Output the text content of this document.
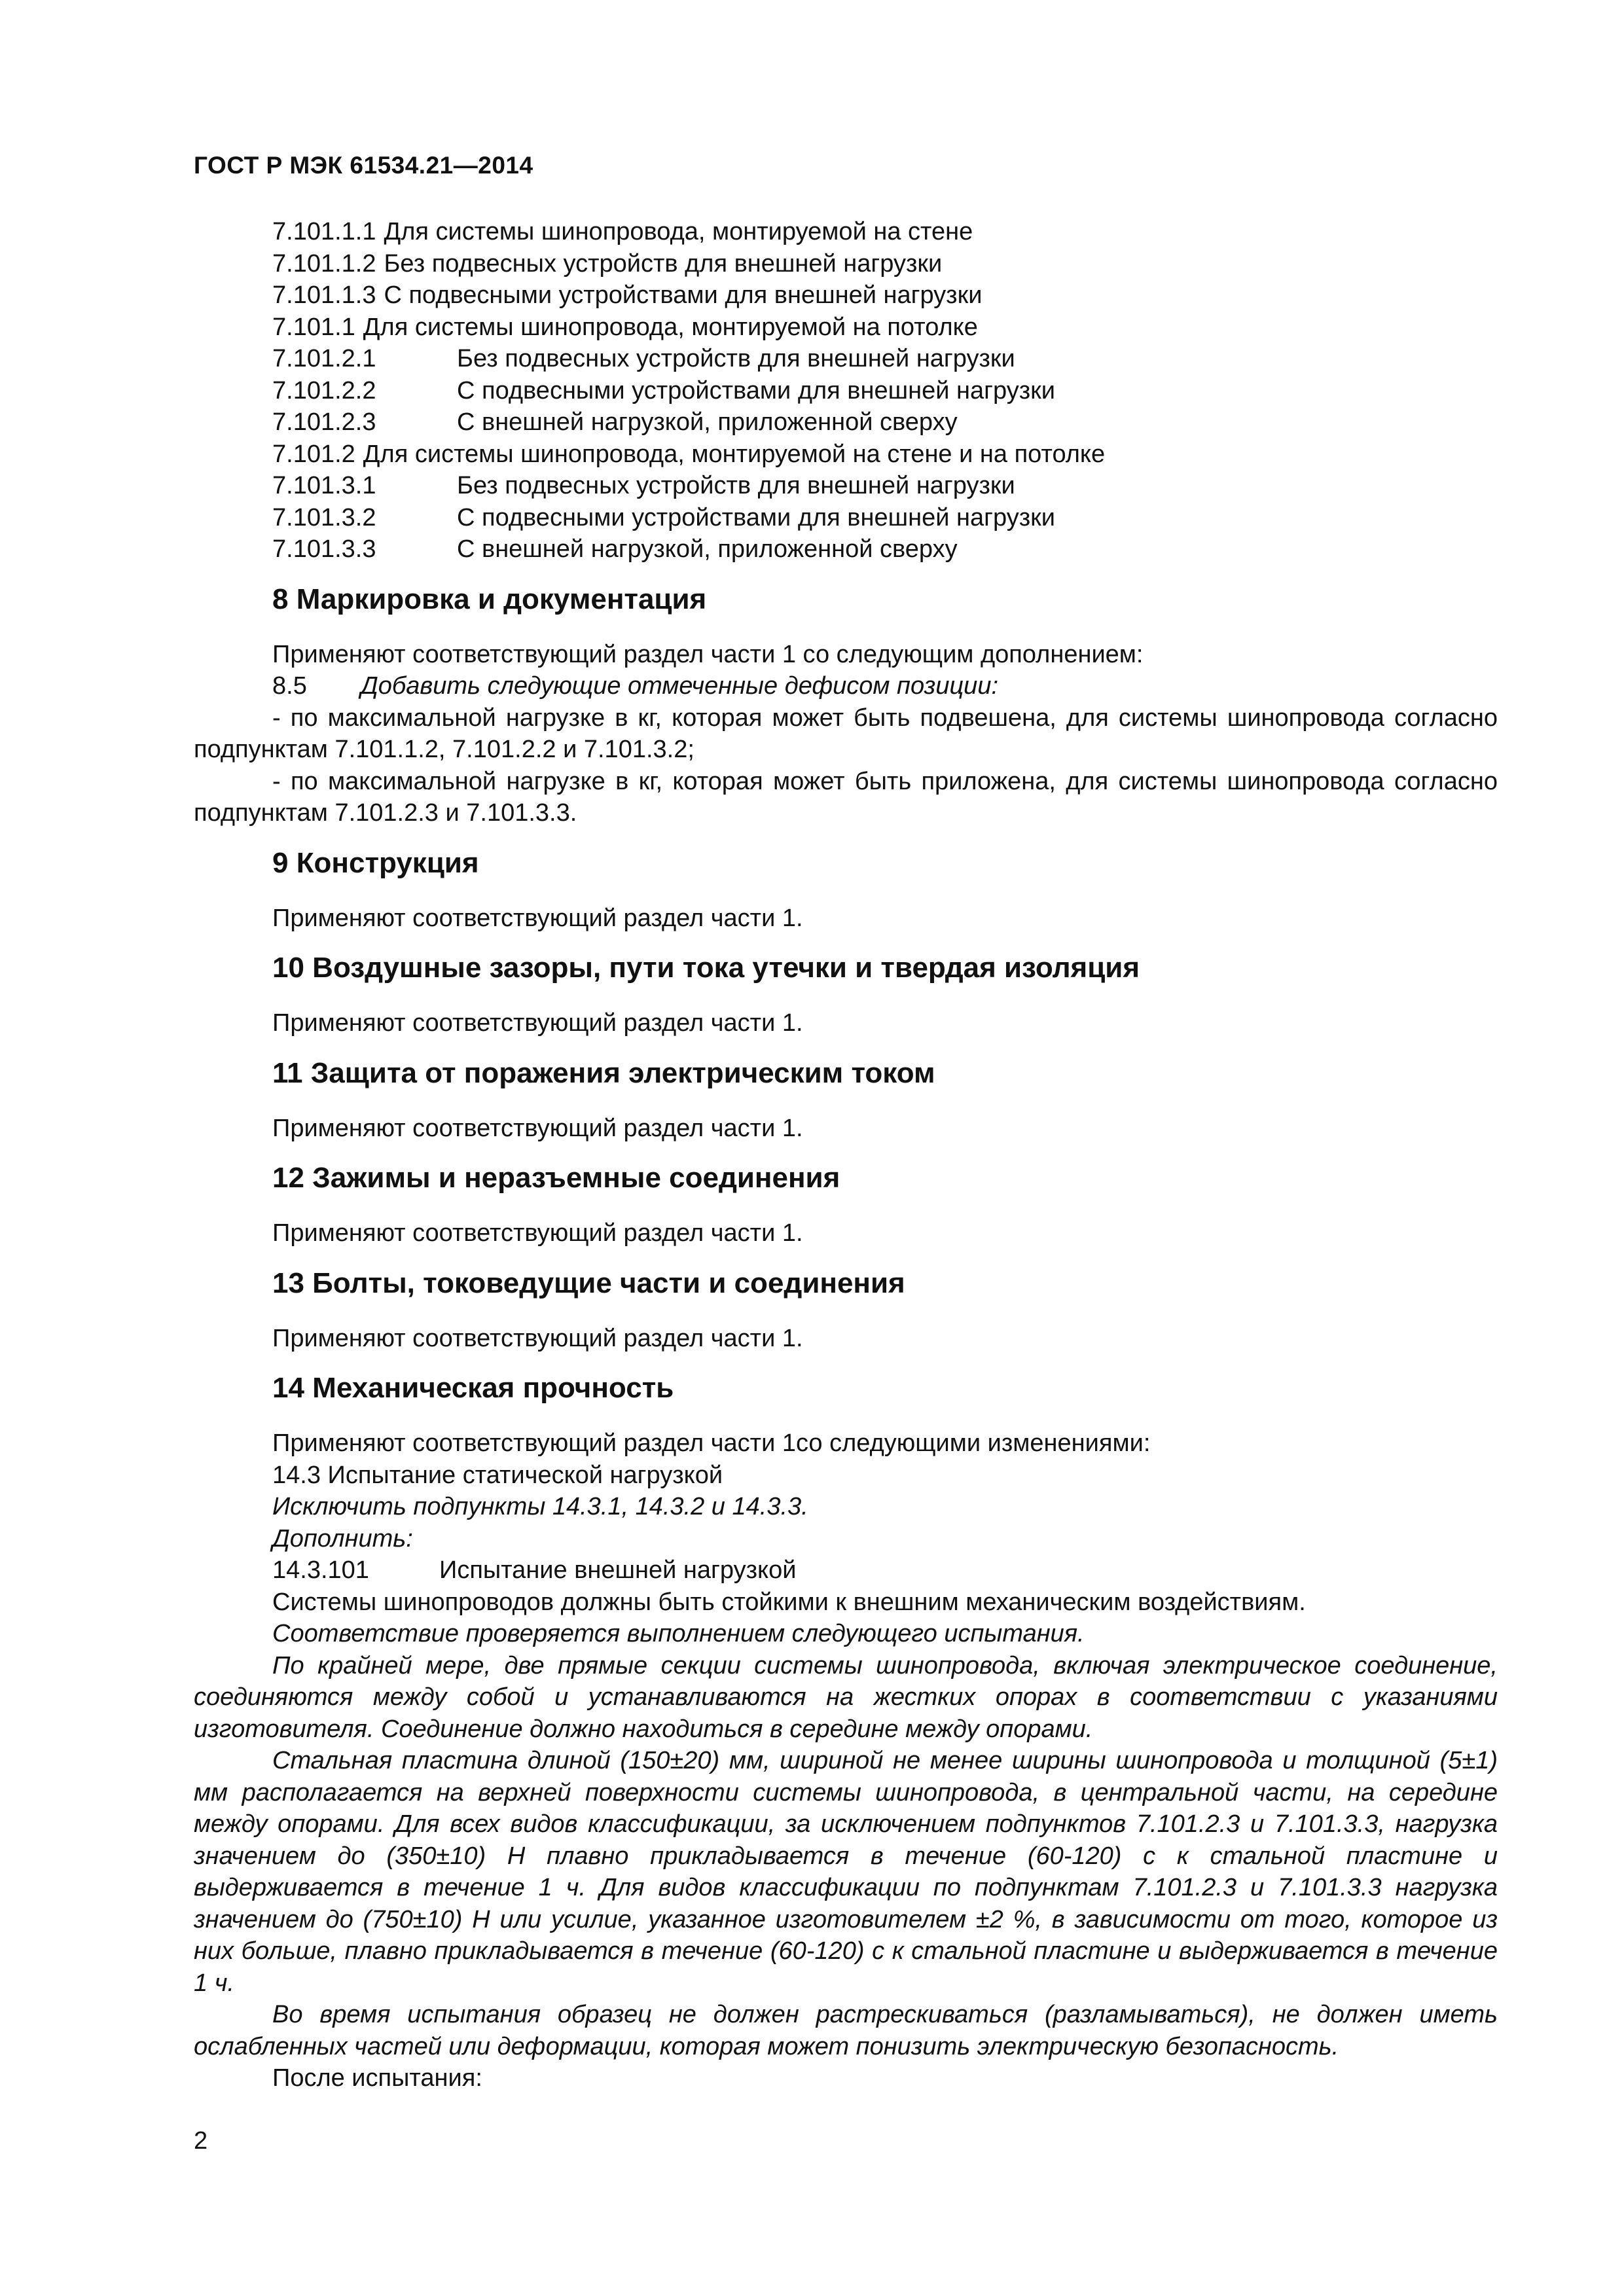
ГОСТ Р МЭК 61534.21—2014
7.101.1.1 Для системы шинопровода, монтируемой на стене
7.101.1.2 Без подвесных устройств для внешней нагрузки
7.101.1.3 С подвесными устройствами для внешней нагрузки
7.101.1 Для системы шинопровода, монтируемой на потолке
7.101.2.1	Без подвесных устройств для внешней нагрузки
7.101.2.2	С подвесными устройствами для внешней нагрузки
7.101.2.3	С внешней нагрузкой, приложенной сверху
7.101.2 Для системы шинопровода, монтируемой на стене и на потолке
7.101.3.1	Без подвесных устройств для внешней нагрузки
7.101.3.2	С подвесными устройствами для внешней нагрузки
7.101.3.3	С внешней нагрузкой, приложенной сверху
8 Маркировка и документация

Применяют соответствующий раздел части 1 со следующим дополнением:

8.5 Добавить следующие отмеченные дефисом позиции:

- по максимальной нагрузке в кг, которая может быть подвешена, для системы шинопровода согласно подпунктам 7.101.1.2, 7.101.2.2 и 7.101.3.2;

- по максимальной нагрузке в кг, которая может быть приложена, для системы шинопровода согласно подпунктам 7.101.2.3 и 7.101.3.3.

9 Конструкция

Применяют соответствующий раздел части 1.

10 Воздушные зазоры, пути тока утечки и твердая изоляция

Применяют соответствующий раздел части 1.

11 Защита от поражения электрическим током

Применяют соответствующий раздел части 1.

12 Зажимы и неразъемные соединения

Применяют соответствующий раздел части 1.

13 Болты, токоведущие части и соединения

Применяют соответствующий раздел части 1.

14 Механическая прочность

Применяют соответствующий раздел части 1со следующими изменениями:

14.3 Испытание статической нагрузкой

Исключить подпункты 14.3.1, 14.3.2 и 14.3.3.

Дополнить:

14.3.101	Испытание внешней нагрузкой

Системы шинопроводов должны быть стойкими к внешним механическим воздействиям.

Соответствие проверяется выполнением следующего испытания.

По крайней мере, две прямые секции системы шинопровода, включая электрическое соединение, соединяются между собой и устанавливаются на жестких опорах в соответствии с указаниями изготовителя. Соединение должно находиться в середине между опорами.

Стальная пластина длиной (150±20) мм, шириной не менее ширины шинопровода и толщиной (5±1) мм располагается на верхней поверхности системы шинопровода, в центральной части, на середине между опорами. Для всех видов классификации, за исключением подпунктов 7.101.2.3 и 7.101.3.3, нагрузка значением до (350±10) Н плавно прикладывается в течение (60-120) с к стальной пластине и выдерживается в течение 1 ч. Для видов классификации по подпунктам 7.101.2.3 и 7.101.3.3 нагрузка значением до (750±10) Н или усилие, указанное изготовителем ±2 %, в зависимости от того, которое из них больше, плавно прикладывается в течение (60-120) с к стальной пластине и выдерживается в течение 1 ч.

Во время испытания образец не должен растрескиваться (разламываться), не должен иметь ослабленных частей или деформации, которая может понизить электрическую безопасность.

После испытания:

2
